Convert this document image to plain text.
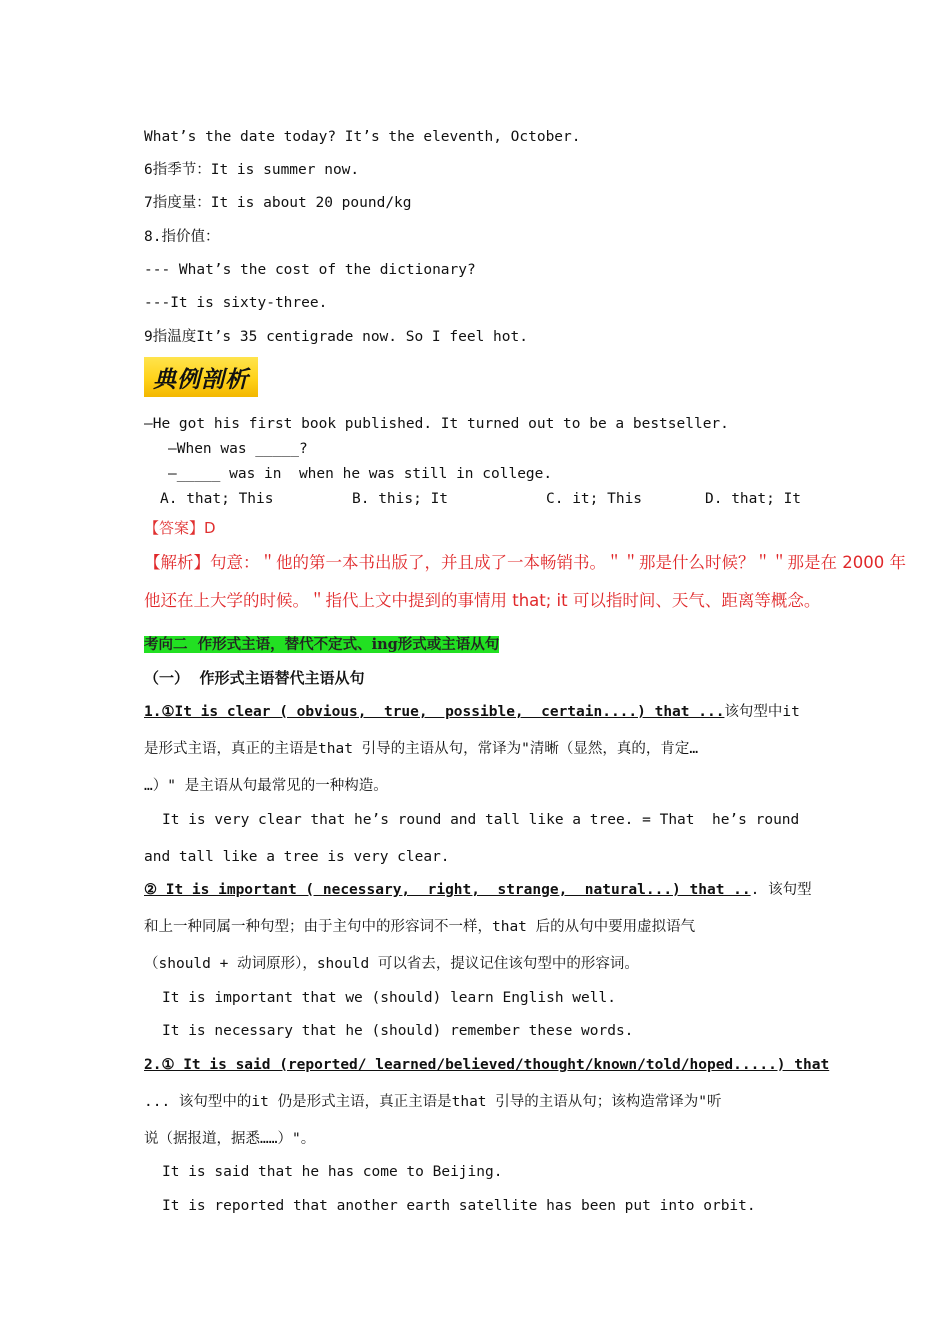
What’s the date today? It’s the eleventh, October.
6指季节：It is summer now.
7指度量：It is about 20 pound/kg
8.指价值：
--- What’s the cost of the dictionary?
---It is sixty-three.
9指温度It’s 35 centigrade now. So I feel hot.
典例剖析
—He got his first book published. It turned out to be a bestseller.
—When was _____?
—_____ was in  when he was still in college.
A. that; This	B. this; It	C. it; This	D. that; It
【答案】D
【解析】句意：＂他的第一本书出版了，并且成了一本畅销书。＂＂那是什么时候？＂＂那是在 2000 年
他还在上大学的时候。＂指代上文中提到的事情用 that; it 可以指时间、天气、距离等概念。
考向二  作形式主语，替代不定式、ing形式或主语从句
（一）  作形式主语替代主语从句
1.①It is clear ( obvious,  true,  possible,  certain....) that ...该句型中it
是形式主语，真正的主语是that 引导的主语从句，常译为"清晰（显然，真的，肯定…
…）" 是主语从句最常见的一种构造。
It is very clear that he’s round and tall like a tree. = That  he’s round
and tall like a tree is very clear.
② It is important ( necessary,  right,  strange,  natural...) that ... 该句型
和上一种同属一种句型；由于主句中的形容词不一样，that 后的从句中要用虚拟语气
（should + 动词原形），should 可以省去，提议记住该句型中的形容词。
It is important that we (should) learn English well.
It is necessary that he (should) remember these words.
2.① It is said (reported/ learned/believed/thought/known/told/hoped.....) that
... 该句型中的it 仍是形式主语，真正主语是that 引导的主语从句；该构造常译为"听
说（据报道，据悉……）"。
It is said that he has come to Beijing.
It is reported that another earth satellite has been put into orbit.
